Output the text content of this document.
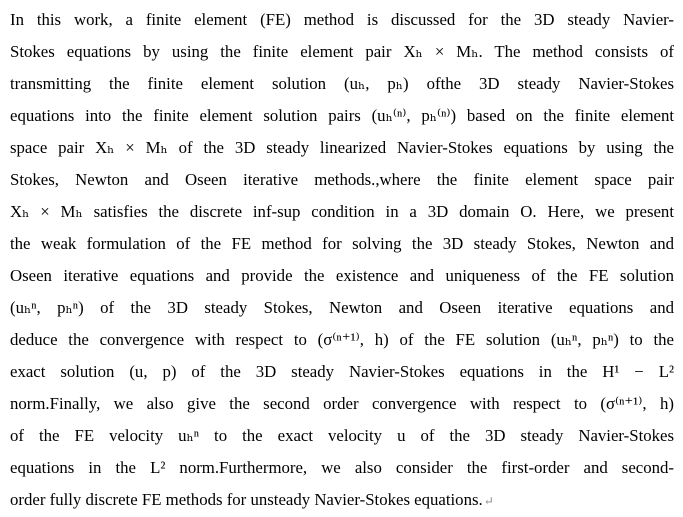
In this work, a finite element (FE) method is discussed for the 3D steady Navier-
Stokes equations by using the finite element pair Xₕ × Mₕ. The method consists of
transmitting the finite element solution (uₕ, pₕ) ofthe 3D steady Navier-Stokes
equations into the finite element solution pairs (uₕ⁽ⁿ⁾, pₕ⁽ⁿ⁾) based on the finite element
space pair Xₕ × Mₕ of the 3D steady linearized Navier-Stokes equations by using the
Stokes, Newton and Oseen iterative methods.,where the finite element space pair
Xₕ × Mₕ satisfies the discrete inf-sup condition in a 3D domain Ο. Here, we present
the weak formulation of the FE method for solving the 3D steady Stokes, Newton and
Oseen iterative equations and provide the existence and uniqueness of the FE solution
(uₕⁿ, pₕⁿ) of the 3D steady Stokes, Newton and Oseen iterative equations and
deduce the convergence with respect to (σ⁽ⁿ⁺¹⁾, h) of the FE solution (uₕⁿ, pₕⁿ) to the
exact solution (u, p) of the 3D steady Navier-Stokes equations in the H¹ − L²
norm.Finally, we also give the second order convergence with respect to (σ⁽ⁿ⁺¹⁾, h)
of the FE velocity uₕⁿ to the exact velocity u of the 3D steady Navier-Stokes
equations in the L² norm.Furthermore, we also consider the first-order and second-
order fully discrete FE methods for unsteady Navier-Stokes equations.↵
